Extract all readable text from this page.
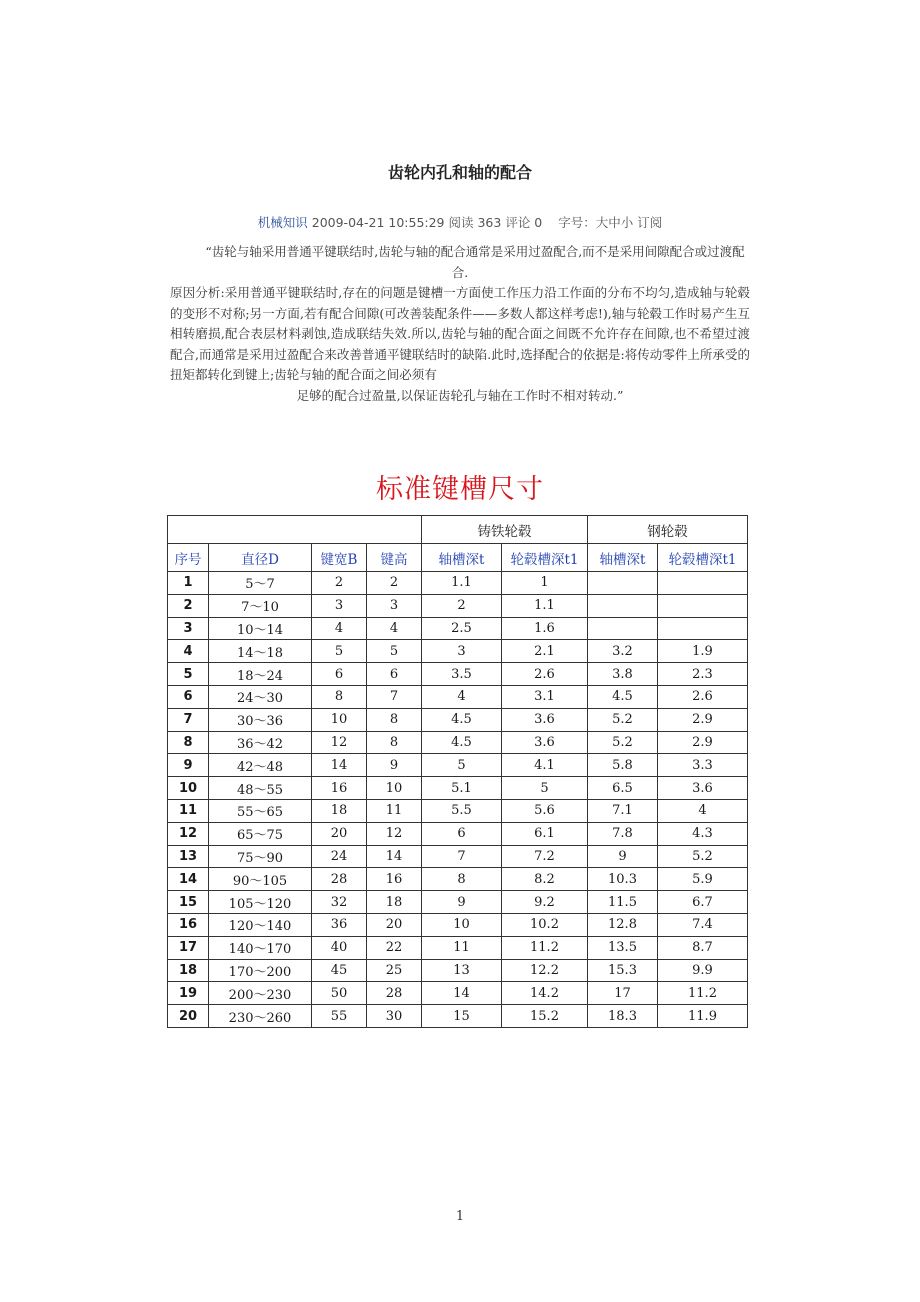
齿轮内孔和轴的配合
机械知识 2009-04-21 10:55:29 阅读 363 评论 0 字号：大中小 订阅

“齿轮与轴采用普通平键联结时,齿轮与轴的配合通常是采用过盈配合,而不是采用间隙配合或过渡配合.

原因分析:采用普通平键联结时,存在的问题是键槽一方面使工作压力沿工作面的分布不均匀,造成轴与轮毂的变形不对称;另一方面,若有配合间隙(可改善装配条件——多数人都这样考虑!),轴与轮毂工作时易产生互相转磨损,配合表层材料剥蚀,造成联结失效.所以,齿轮与轴的配合面之间既不允许存在间隙,也不希望过渡配合,而通常是采用过盈配合来改善普通平键联结时的缺陷.此时,选择配合的依据是:将传动零件上所承受的扭矩都转化到键上;齿轮与轴的配合面之间必须有
足够的配合过盈量,以保证齿轮孔与轴在工作时不相对转动.”

标准键槽尺寸
				铸铁轮毂		钢轮毂	
序号	直径D	键宽B	键高	轴槽深t	轮毂槽深t1	轴槽深t	轮毂槽深t1
1	5～7	2	2	1.1	1		
2	7～10	3	3	2	1.1		
3	10～14	4	4	2.5	1.6		
4	14～18	5	5	3	2.1	3.2	1.9
5	18～24	6	6	3.5	2.6	3.8	2.3
6	24～30	8	7	4	3.1	4.5	2.6
7	30～36	10	8	4.5	3.6	5.2	2.9
8	36～42	12	8	4.5	3.6	5.2	2.9
9	42～48	14	9	5	4.1	5.8	3.3
10	48～55	16	10	5.1	5	6.5	3.6
11	55～65	18	11	5.5	5.6	7.1	4
12	65～75	20	12	6	6.1	7.8	4.3
13	75～90	24	14	7	7.2	9	5.2
14	90～105	28	16	8	8.2	10.3	5.9
15	105～120	32	18	9	9.2	11.5	6.7
16	120～140	36	20	10	10.2	12.8	7.4
17	140～170	40	22	11	11.2	13.5	8.7
18	170～200	45	25	13	12.2	15.3	9.9
19	200～230	50	28	14	14.2	17	11.2
20	230～260	55	30	15	15.2	18.3	11.9
1
